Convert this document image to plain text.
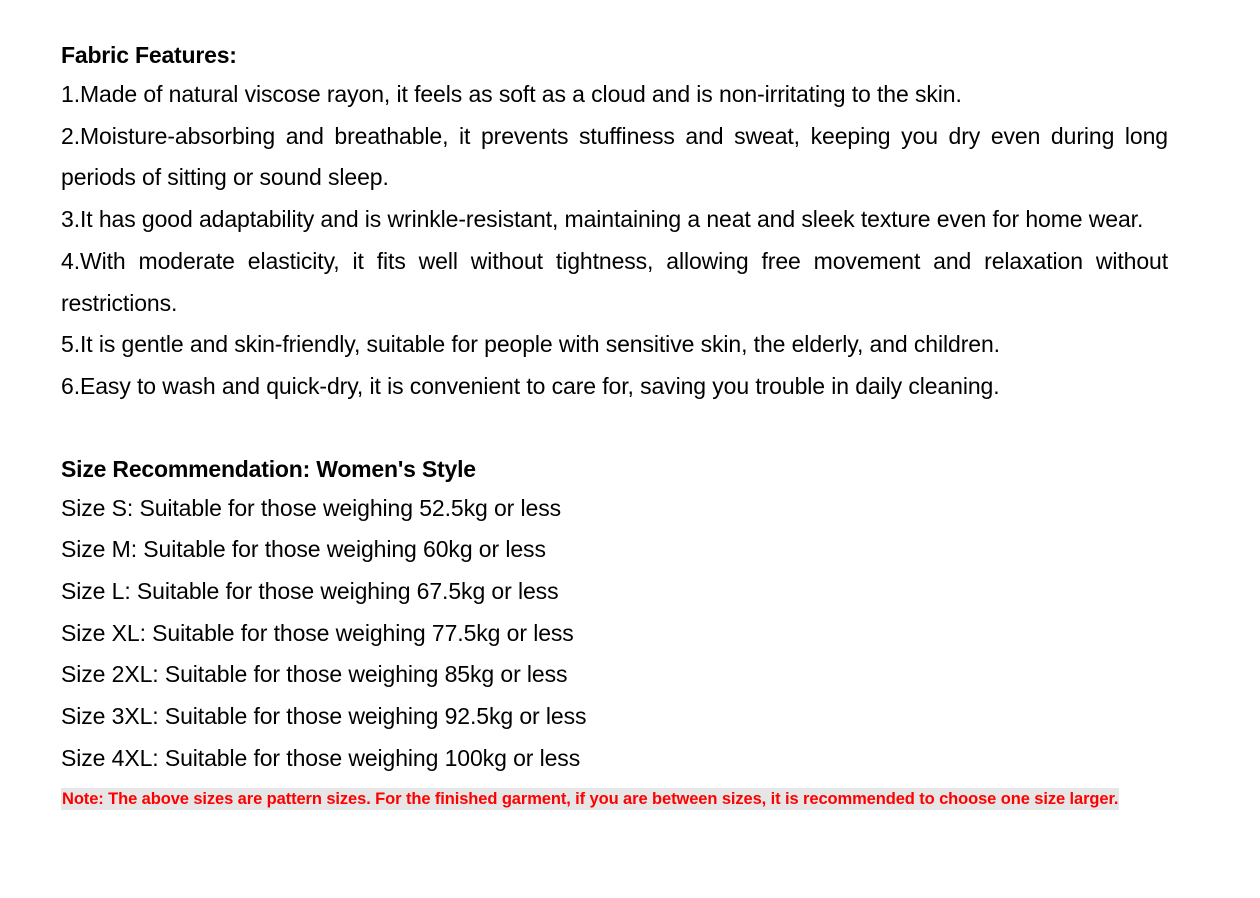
Fabric Features:

1.Made of natural viscose rayon, it feels as soft as a cloud and is non-irritating to the skin.

2.Moisture-absorbing and breathable, it prevents stuffiness and sweat, keeping you dry even during long periods of sitting or sound sleep.

3.It has good adaptability and is wrinkle-resistant, maintaining a neat and sleek texture even for home wear.

4.With moderate elasticity, it fits well without tightness, allowing free movement and relaxation without restrictions.

5.It is gentle and skin-friendly, suitable for people with sensitive skin, the elderly, and children.

6.Easy to wash and quick-dry, it is convenient to care for, saving you trouble in daily cleaning.

Size Recommendation: Women's Style

Size S: Suitable for those weighing 52.5kg or less

Size M: Suitable for those weighing 60kg or less

Size L: Suitable for those weighing 67.5kg or less

Size XL: Suitable for those weighing 77.5kg or less

Size 2XL: Suitable for those weighing 85kg or less

Size 3XL: Suitable for those weighing 92.5kg or less

Size 4XL: Suitable for those weighing 100kg or less

Note: The above sizes are pattern sizes. For the finished garment, if you are between sizes, it is recommended to choose one size larger.
